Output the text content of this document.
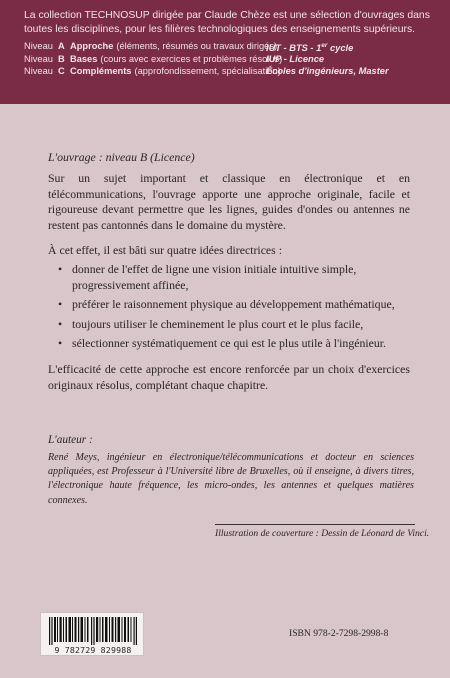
La collection TECHNOSUP dirigée par Claude Chèze est une sélection d'ouvrages dans toutes les disciplines, pour les filières technologiques des enseignements supérieurs.

Niveau A Approche (éléments, résumés ou travaux dirigés)
IUT - BTS - 1er cycle
Niveau B Bases (cours avec exercices et problèmes résolus)
IUP - Licence
Niveau C Compléments (approfondissement, spécialisation)
Écoles d'ingénieurs, Master

L'ouvrage : niveau B (Licence)

Sur un sujet important et classique en électronique et en télécommunications, l'ouvrage apporte une approche originale, facile et rigoureuse devant permettre que les lignes, guides d'ondes ou antennes ne restent pas cantonnés dans le domaine du mystère.

À cet effet, il est bâti sur quatre idées directrices :

• donner de l'effet de ligne une vision initiale intuitive simple, progressivement affinée,
• préférer le raisonnement physique au développement mathématique,
• toujours utiliser le cheminement le plus court et le plus facile,
• sélectionner systématiquement ce qui est le plus utile à l'ingénieur.

L'efficacité de cette approche est encore renforcée par un choix d'exercices originaux résolus, complétant chaque chapitre.

L'auteur :

René Meys, ingénieur en électronique/télécommunications et docteur en sciences appliquées, est Professeur à l'Université libre de Bruxelles, où il enseigne, à divers titres, l'électronique haute fréquence, les micro-ondes, les antennes et quelques matières connexes.

Illustration de couverture : Dessin de Léonard de Vinci.

9 782729 829988

ISBN 978-2-7298-2998-8
